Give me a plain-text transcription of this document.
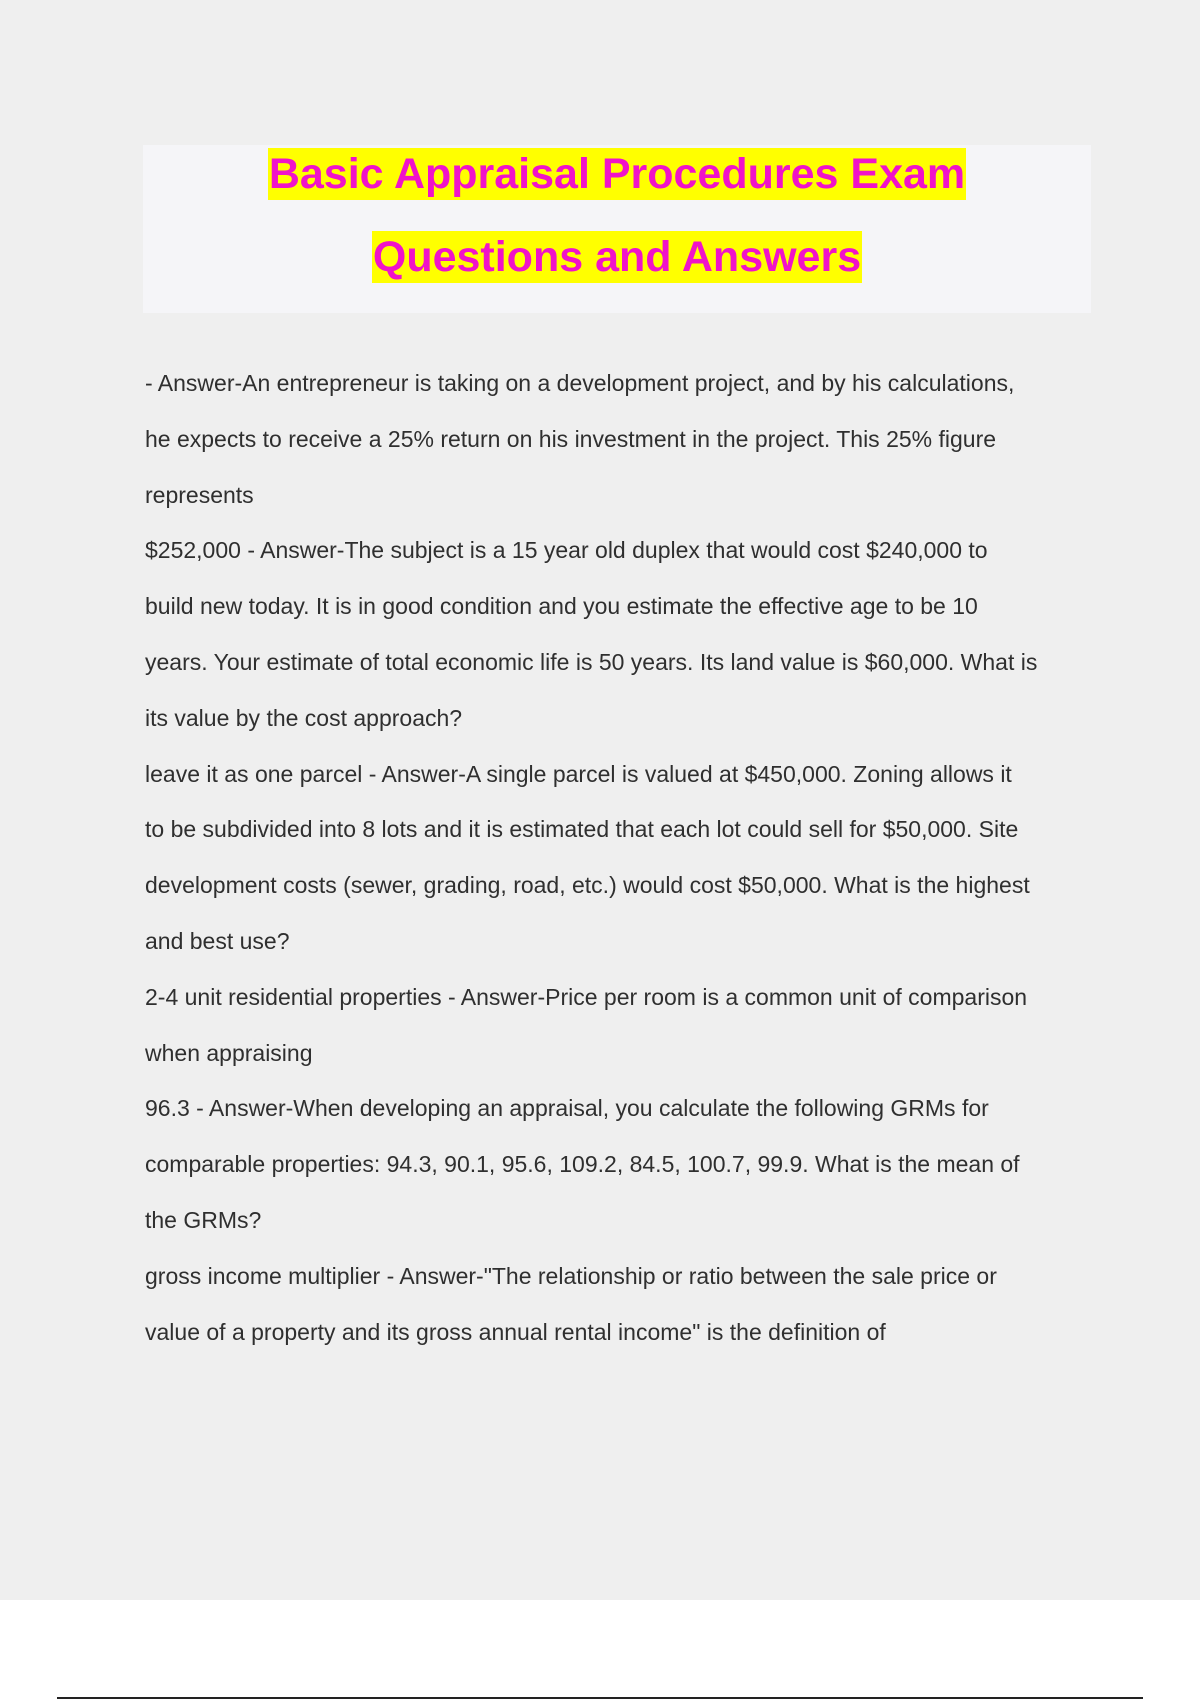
Basic Appraisal Procedures Exam
Questions and Answers
- Answer-An entrepreneur is taking on a development project, and by his calculations,
he expects to receive a 25% return on his investment in the project. This 25% figure
represents
$252,000 - Answer-The subject is a 15 year old duplex that would cost $240,000 to
build new today. It is in good condition and you estimate the effective age to be 10
years. Your estimate of total economic life is 50 years. Its land value is $60,000. What is
its value by the cost approach?
leave it as one parcel - Answer-A single parcel is valued at $450,000. Zoning allows it
to be subdivided into 8 lots and it is estimated that each lot could sell for $50,000. Site
development costs (sewer, grading, road, etc.) would cost $50,000. What is the highest
and best use?
2-4 unit residential properties - Answer-Price per room is a common unit of comparison
when appraising
96.3 - Answer-When developing an appraisal, you calculate the following GRMs for
comparable properties: 94.3, 90.1, 95.6, 109.2, 84.5, 100.7, 99.9. What is the mean of
the GRMs?
gross income multiplier - Answer-"The relationship or ratio between the sale price or
value of a property and its gross annual rental income" is the definition of
